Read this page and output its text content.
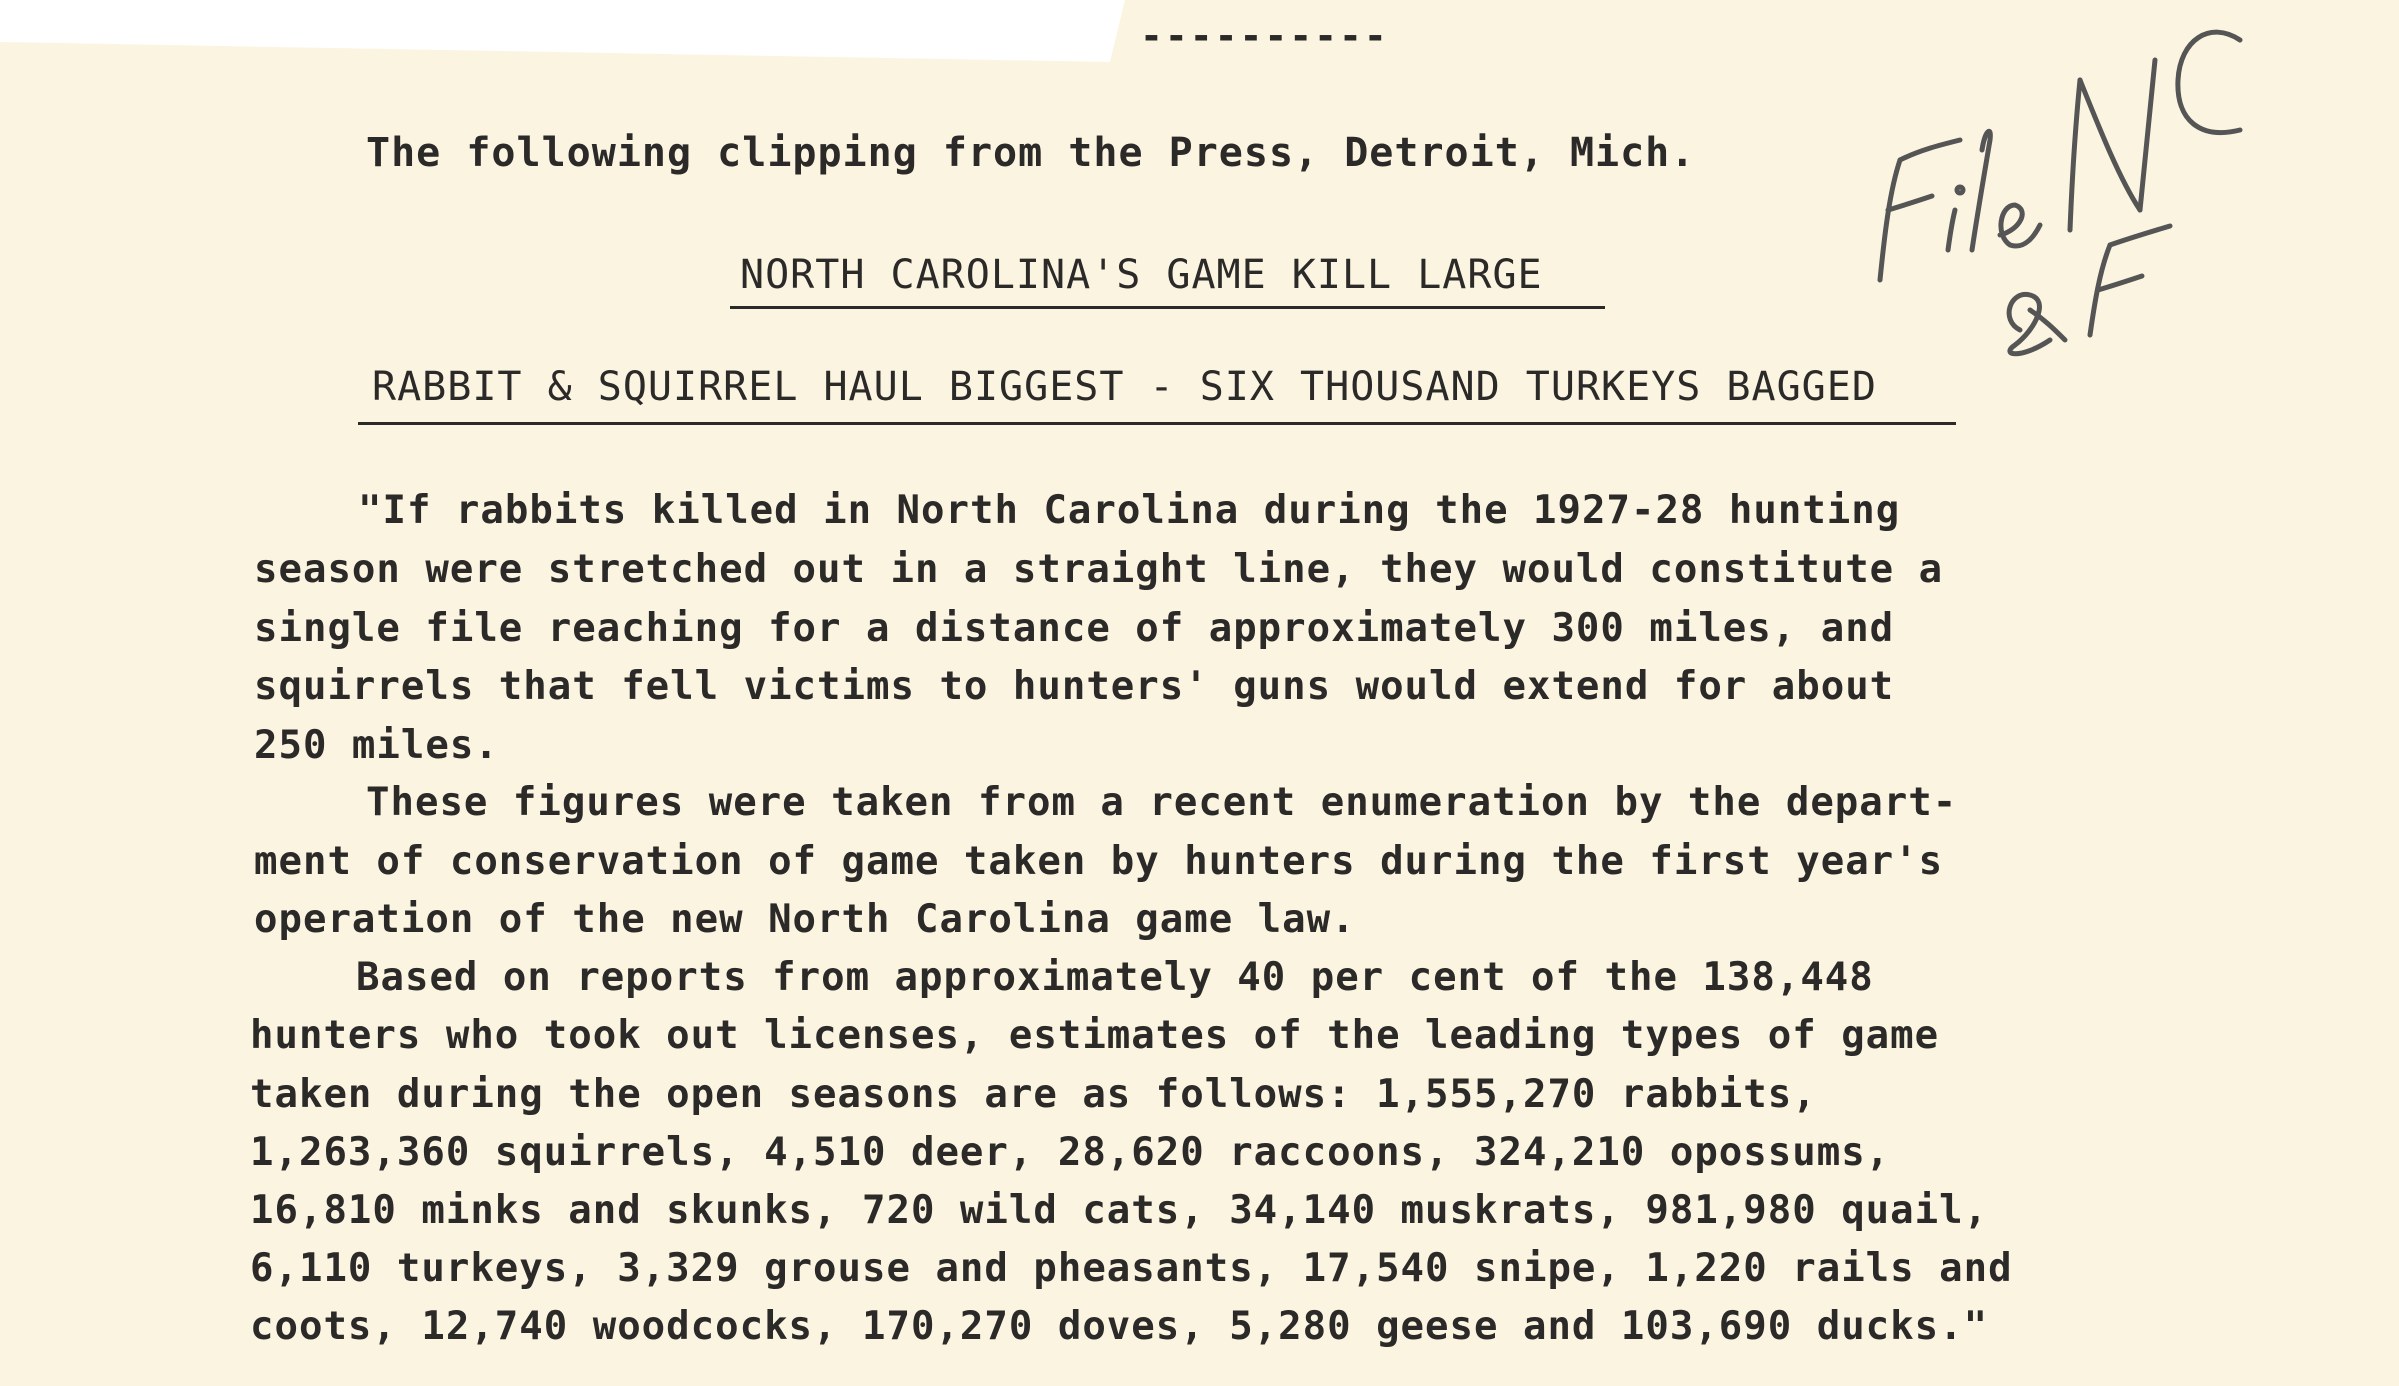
----------
The following clipping from the Press, Detroit, Mich.
NORTH CAROLINA'S GAME KILL LARGE
RABBIT & SQUIRREL HAUL BIGGEST - SIX THOUSAND TURKEYS BAGGED
"If rabbits killed in North Carolina during the 1927-28 hunting
season were stretched out in a straight line, they would constitute a
single file reaching for a distance of approximately 300 miles, and
squirrels that fell victims to hunters' guns would extend for about
250 miles.
These figures were taken from a recent enumeration by the depart-
ment of conservation of game taken by hunters during the first year's
operation of the new North Carolina game law.
Based on reports from approximately 40 per cent of the 138,448
hunters who took out licenses, estimates of the leading types of game
taken during the open seasons are as follows: 1,555,270 rabbits,
1,263,360 squirrels, 4,510 deer, 28,620 raccoons, 324,210 opossums,
16,810 minks and skunks, 720 wild cats, 34,140 muskrats, 981,980 quail,
6,110 turkeys, 3,329 grouse and pheasants, 17,540 snipe, 1,220 rails and
coots, 12,740 woodcocks, 170,270 doves, 5,280 geese and 103,690 ducks."
